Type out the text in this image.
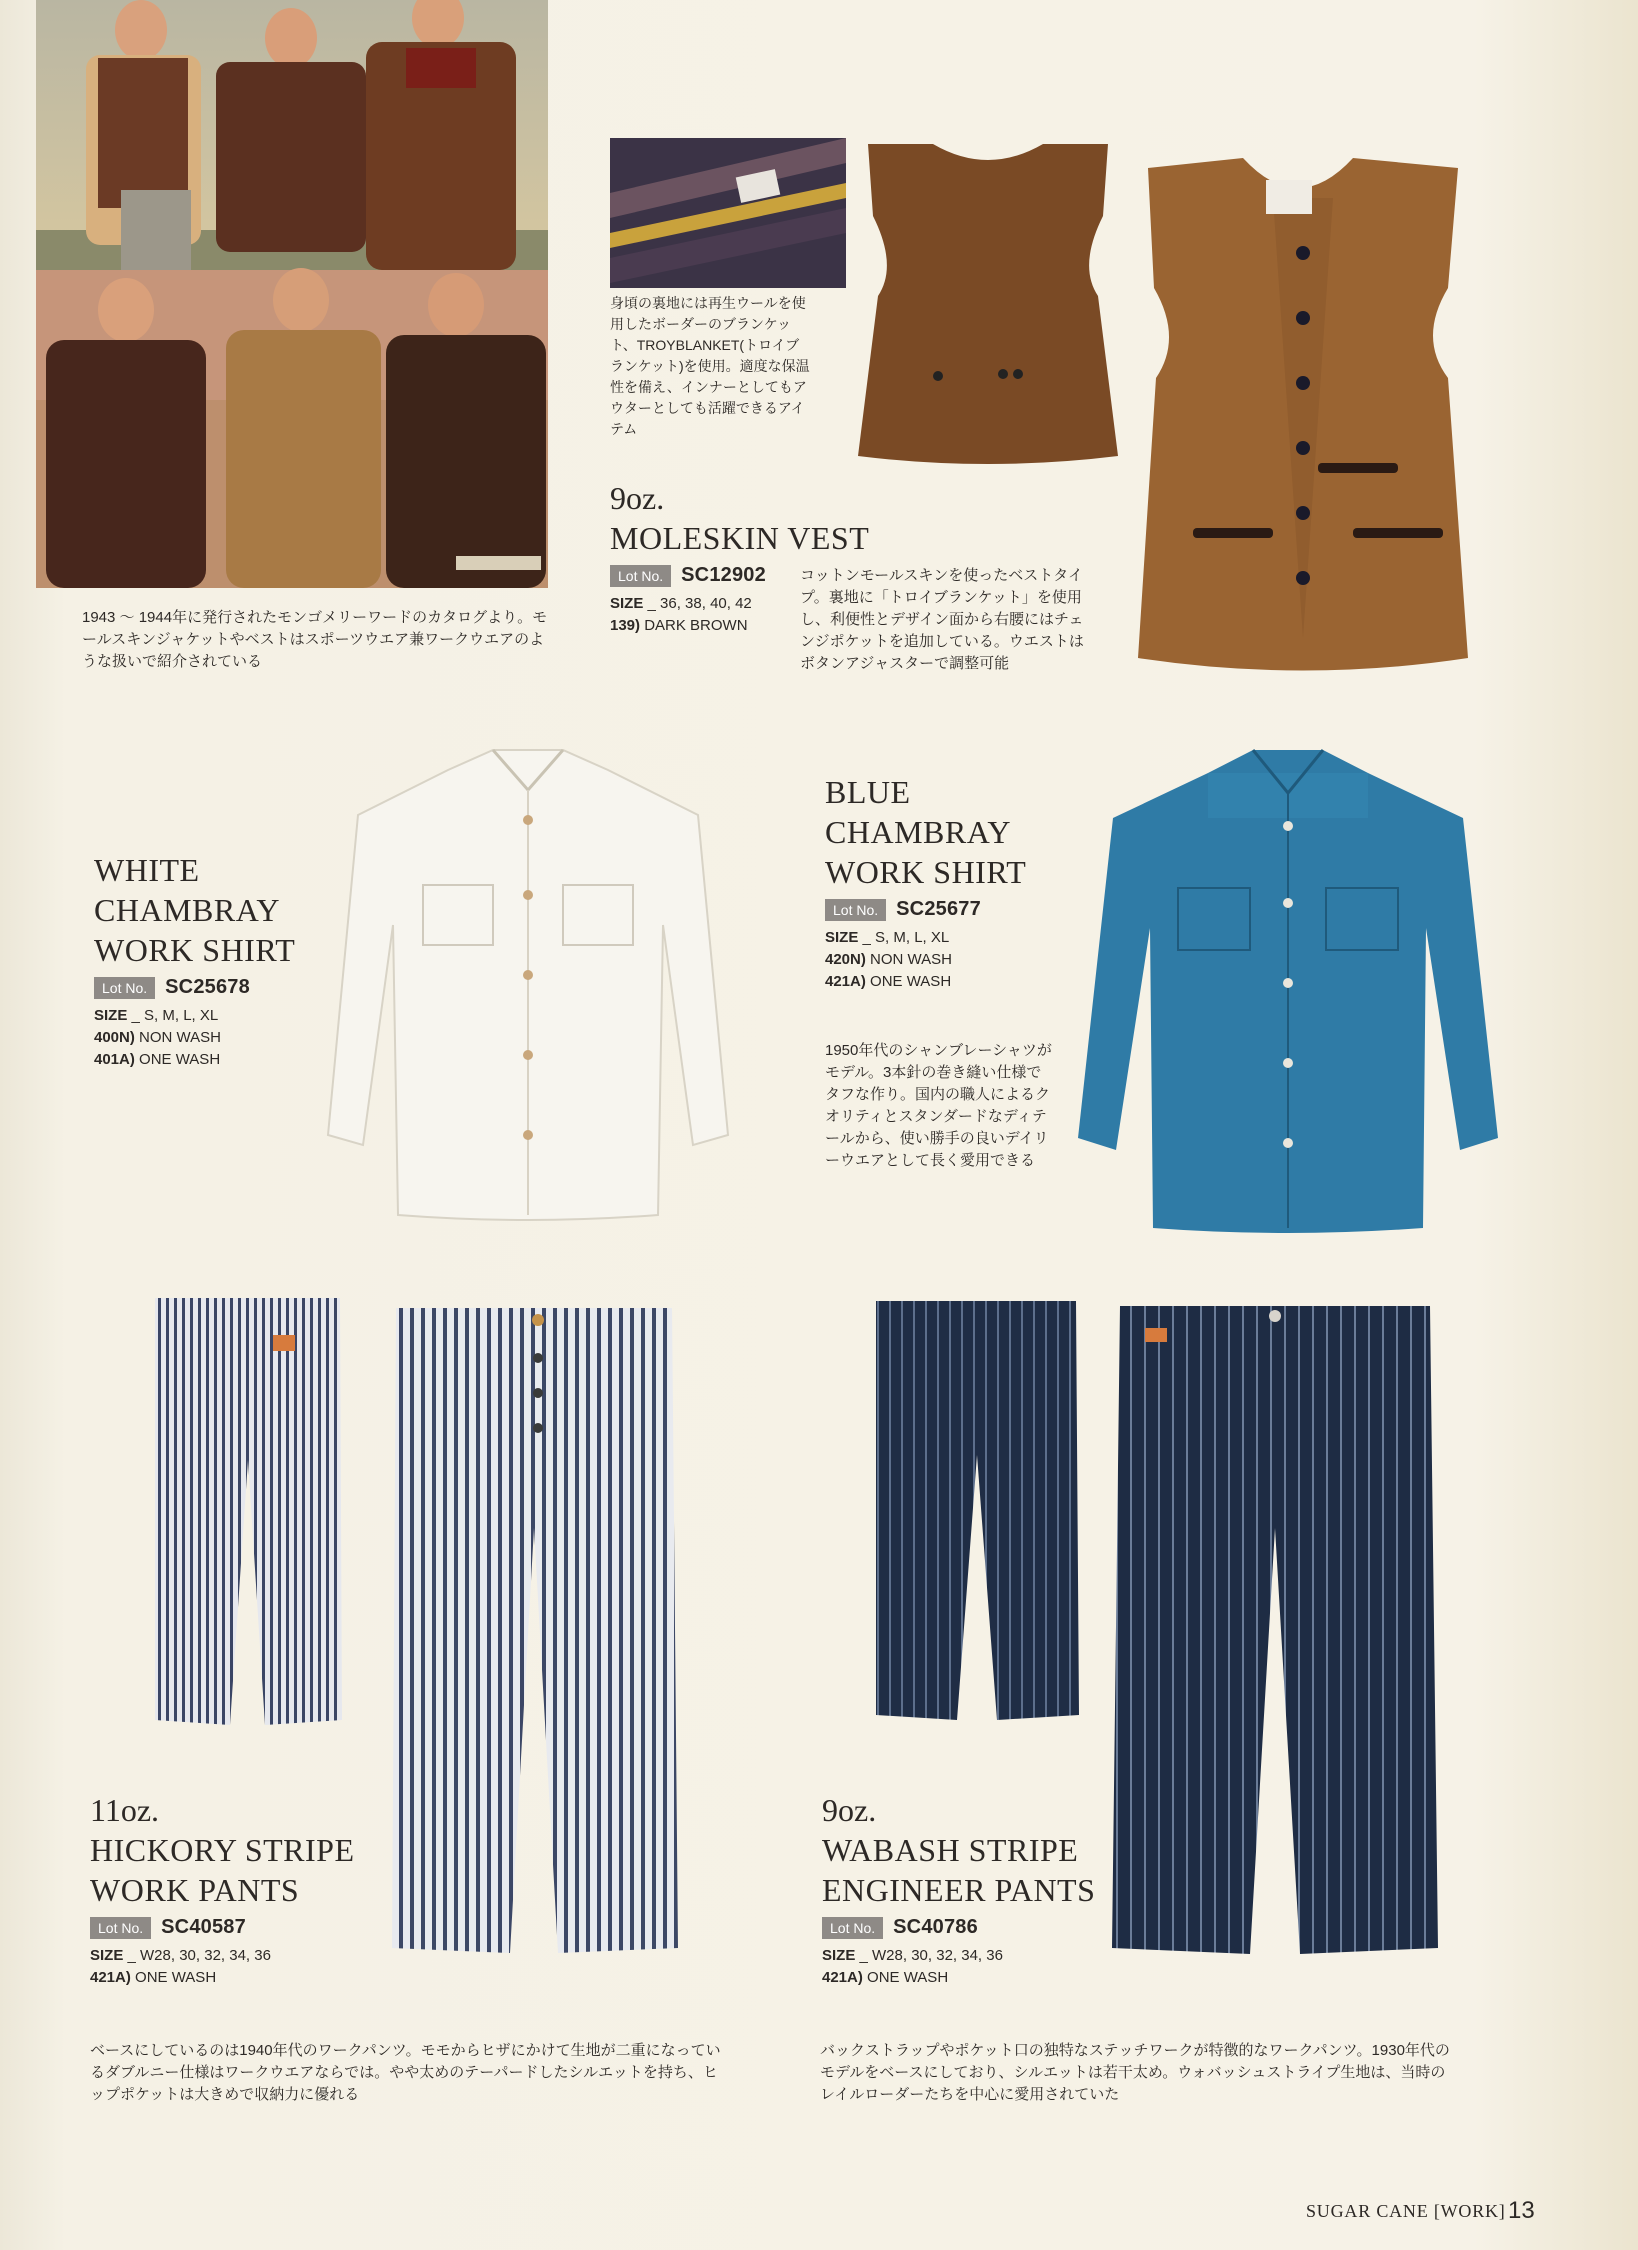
1943 〜 1944年に発行されたモンゴメリーワードのカタログより。モールスキンジャケットやベストはスポーツウエア兼ワークウエアのような扱いで紹介されている
身頃の裏地には再生ウールを使用したボーダーのブランケット、TROYBLANKET(トロイブランケット)を使用。適度な保温性を備え、インナーとしてもアウターとしても活躍できるアイテム
9oz.
MOLESKIN VEST
Lot No. SC12902
SIZE _ 36, 38, 40, 42
139) DARK BROWN
コットンモールスキンを使ったベストタイプ。裏地に「トロイブランケット」を使用し、利便性とデザイン面から右腰にはチェンジポケットを追加している。ウエストはボタンアジャスターで調整可能
WHITE
CHAMBRAY
WORK SHIRT
Lot No. SC25678
SIZE _ S, M, L, XL
400N) NON WASH
401A) ONE WASH
BLUE
CHAMBRAY
WORK SHIRT
Lot No. SC25677
SIZE _ S, M, L, XL
420N) NON WASH
421A) ONE WASH
1950年代のシャンブレーシャツがモデル。3本針の巻き縫い仕様でタフな作り。国内の職人によるクオリティとスタンダードなディテールから、使い勝手の良いデイリーウエアとして長く愛用できる
11oz.
HICKORY STRIPE
WORK PANTS
Lot No. SC40587
SIZE _ W28, 30, 32, 34, 36
421A) ONE WASH
9oz.
WABASH STRIPE
ENGINEER PANTS
Lot No. SC40786
SIZE _ W28, 30, 32, 34, 36
421A) ONE WASH
ベースにしているのは1940年代のワークパンツ。モモからヒザにかけて生地が二重になっているダブルニー仕様はワークウエアならでは。やや太めのテーパードしたシルエットを持ち、ヒップポケットは大きめで収納力に優れる
バックストラップやポケット口の独特なステッチワークが特徴的なワークパンツ。1930年代のモデルをベースにしており、シルエットは若干太め。ウォバッシュストライプ生地は、当時のレイルローダーたちを中心に愛用されていた
SUGAR CANE [WORK] 13
